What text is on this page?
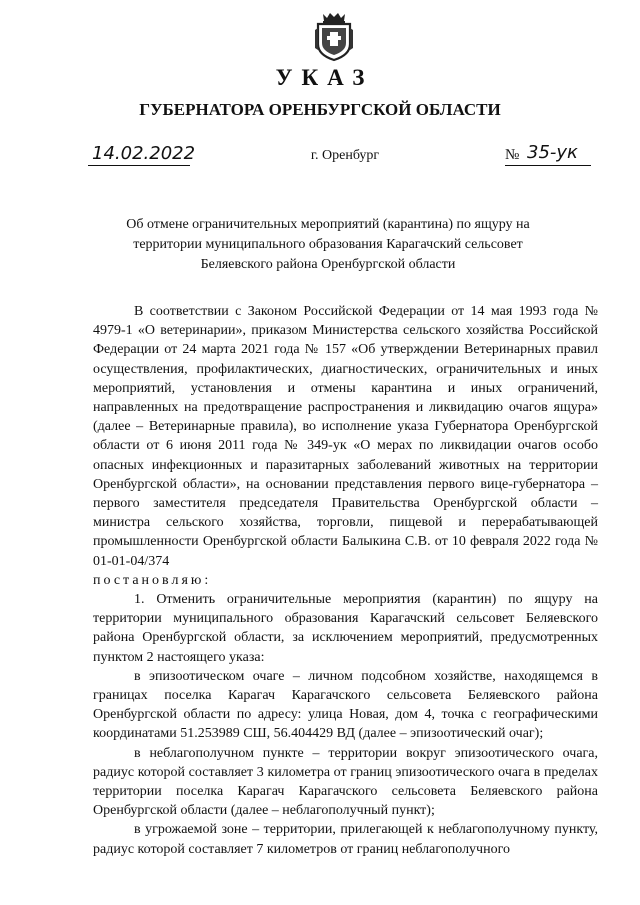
УКАЗ
ГУБЕРНАТОРА ОРЕНБУРГСКОЙ ОБЛАСТИ
14.02.2022	г. Оренбург	№ 35-ук
Об отмене ограничительных мероприятий (карантина) по ящуру на
территории муниципального образования Карагачский сельсовет
Беляевского района Оренбургской области

В соответствии с Законом Российской Федерации от 14 мая 1993 года № 4979-1 «О ветеринарии», приказом Министерства сельского хозяйства Российской Федерации от 24 марта 2021 года № 157 «Об утверждении Ветеринарных правил осуществления, профилактических, диагностических, ограничительных и иных мероприятий, установления и отмены карантина и иных ограничений, направленных на предотвращение распространения и ликвидацию очагов ящура» (далее – Ветеринарные правила), во исполнение указа Губернатора Оренбургской области от 6 июня 2011 года № 349-ук «О мерах по ликвидации очагов особо опасных инфекционных и паразитарных заболеваний животных на территории Оренбургской области», на основании представления первого вице-губернатора – первого заместителя председателя Правительства Оренбургской области – министра сельского хозяйства, торговли, пищевой и перерабатывающей промышленности Оренбургской области Балыкина С.В. от 10 февраля 2022 года № 01-01-04/374

постановляю:

1. Отменить ограничительные мероприятия (карантин) по ящуру на территории муниципального образования Карагачский сельсовет Беляевского района Оренбургской области, за исключением мероприятий, предусмотренных пунктом 2 настоящего указа:

в эпизоотическом очаге – личном подсобном хозяйстве, находящемся в границах поселка Карагач Карагачского сельсовета Беляевского района Оренбургской области по адресу: улица Новая, дом 4, точка с географическими координатами 51.253989 СШ, 56.404429 ВД (далее – эпизоотический очаг);

в неблагополучном пункте – территории вокруг эпизоотического очага, радиус которой составляет 3 километра от границ эпизоотического очага в пределах территории поселка Карагач Карагачского сельсовета Беляевского района Оренбургской области (далее – неблагополучный пункт);

в угрожаемой зоне – территории, прилегающей к неблагополучному пункту, радиус которой составляет 7 километров от границ неблагополучного
